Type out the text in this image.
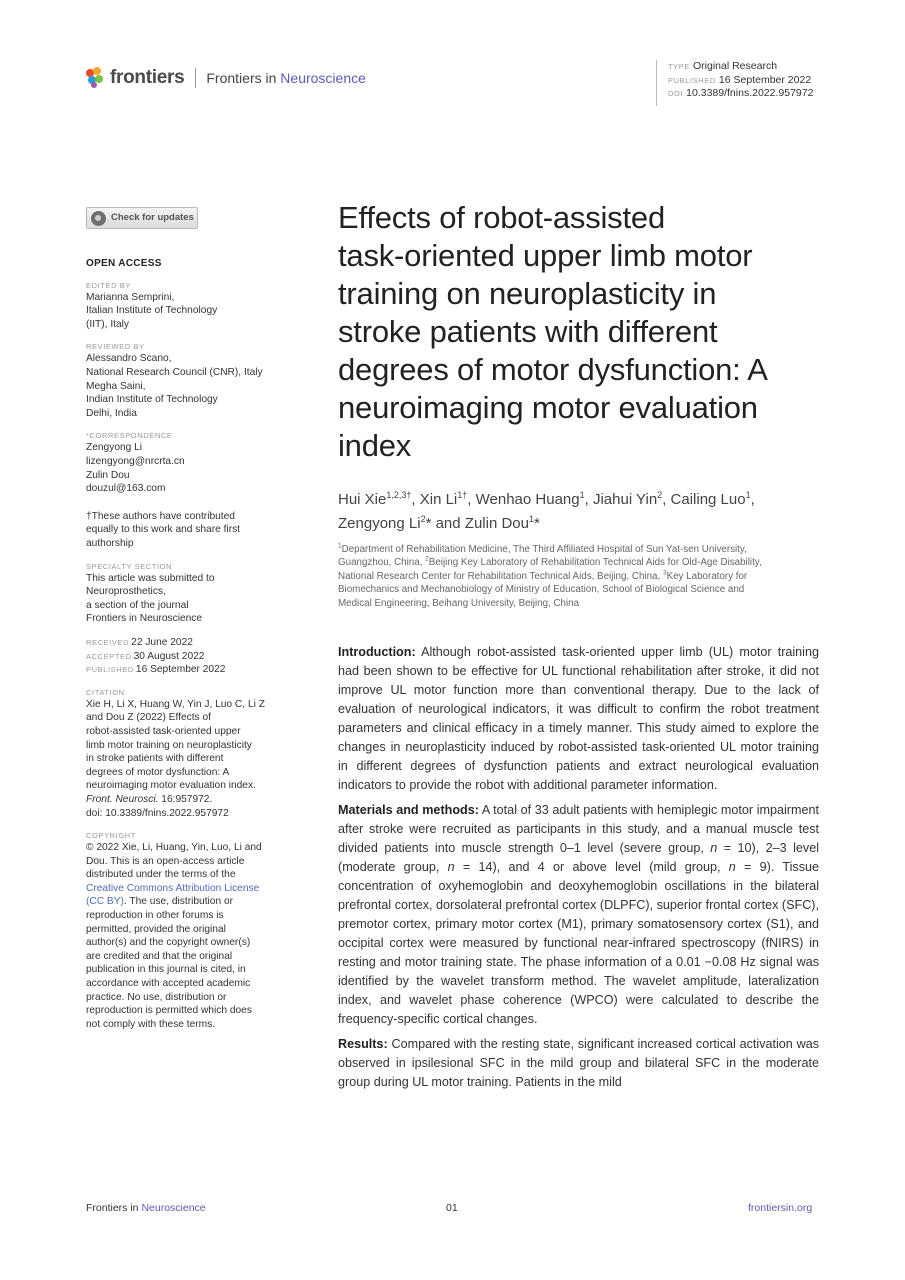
frontiers Frontiers in Neuroscience
TYPE Original Research
PUBLISHED 16 September 2022
DOI 10.3389/fnins.2022.957972
Check for updates
OPEN ACCESS
EDITED BY
Marianna Semprini,
Italian Institute of Technology
(IIT), Italy
REVIEWED BY
Alessandro Scano,
National Research Council (CNR), Italy
Megha Saini,
Indian Institute of Technology
Delhi, India
*CORRESPONDENCE
Zengyong Li
lizengyong@nrcrta.cn
Zulin Dou
douzul@163.com
†These authors have contributed
equally to this work and share first
authorship
SPECIALTY SECTION
This article was submitted to
Neuroprosthetics,
a section of the journal
Frontiers in Neuroscience
RECEIVED 22 June 2022
ACCEPTED 30 August 2022
PUBLISHED 16 September 2022
CITATION
Xie H, Li X, Huang W, Yin J, Luo C, Li Z
and Dou Z (2022) Effects of
robot-assisted task-oriented upper
limb motor training on neuroplasticity
in stroke patients with different
degrees of motor dysfunction: A
neuroimaging motor evaluation index.
Front. Neurosci. 16:957972.
doi: 10.3389/fnins.2022.957972
COPYRIGHT
© 2022 Xie, Li, Huang, Yin, Luo, Li and
Dou. This is an open-access article
distributed under the terms of the
Creative Commons Attribution License
(CC BY). The use, distribution or
reproduction in other forums is
permitted, provided the original
author(s) and the copyright owner(s)
are credited and that the original
publication in this journal is cited, in
accordance with accepted academic
practice. No use, distribution or
reproduction is permitted which does
not comply with these terms.
Effects of robot-assisted
task-oriented upper limb motor
training on neuroplasticity in
stroke patients with different
degrees of motor dysfunction: A
neuroimaging motor evaluation
index
Hui Xie$^{1,2,3\dagger}$, Xin $Li^{1\dagger}$, Wenhao Huang$^1$, Jiahui Yin$^2$, Cailing Luo$^1$,
Zengyong Li$^2$* and Zulin Dou$^1$*
$^1$Department of Rehabilitation Medicine, The Third Affiliated Hospital of Sun Yat-sen University,
Guangzhou, China, $^2$Beijing Key Laboratory of Rehabilitation Technical Aids for Old-Age Disability,
National Research Center for Rehabilitation Technical Aids, Beijing, China, $^3$Key Laboratory for
Biomechanics and Mechanobiology of Ministry of Education, School of Biological Science and
Medical Engineering, Beihang University, Beijing, China

Introduction: Although robot-assisted task-oriented upper limb (UL) motor training had been shown to be effective for UL functional rehabilitation after stroke, it did not improve UL motor function more than conventional therapy. Due to the lack of evaluation of neurological indicators, it was difficult to confirm the robot treatment parameters and clinical efficacy in a timely manner. This study aimed to explore the changes in neuroplasticity induced by robot-assisted task-oriented UL motor training in different degrees of dysfunction patients and extract neurological evaluation indicators to provide the robot with additional parameter information.

Materials and methods: A total of 33 adult patients with hemiplegic motor impairment after stroke were recruited as participants in this study, and a manual muscle test divided patients into muscle strength 0–1 level (severe group, n = 10), 2–3 level (moderate group, n = 14), and 4 or above level (mild group, n = 9). Tissue concentration of oxyhemoglobin and deoxyhemoglobin oscillations in the bilateral prefrontal cortex, dorsolateral prefrontal cortex (DLPFC), superior frontal cortex (SFC), premotor cortex, primary motor cortex (M1), primary somatosensory cortex (S1), and occipital cortex were measured by functional near-infrared spectroscopy (fNIRS) in resting and motor training state. The phase information of a 0.01 −0.08 Hz signal was identified by the wavelet transform method. The wavelet amplitude, lateralization index, and wavelet phase coherence (WPCO) were calculated to describe the frequency-specific cortical changes.

Results: Compared with the resting state, significant increased cortical activation was observed in ipsilesional SFC in the mild group and bilateral SFC in the moderate group during UL motor training. Patients in the mild

Frontiers in Neuroscience	01	frontiersin.org
